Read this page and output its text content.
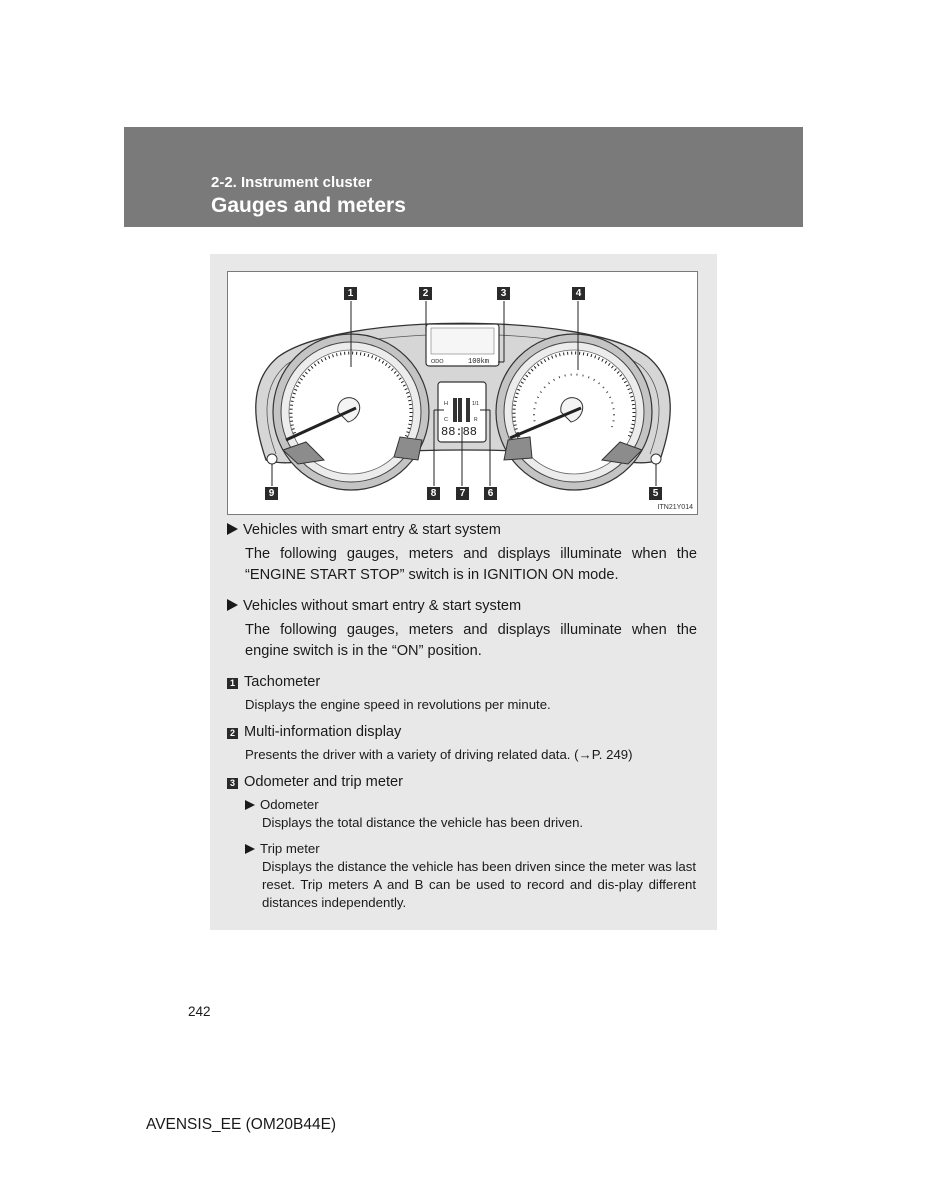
2-2. Instrument cluster
Gauges and meters
ODO	100km
H
C
1/1
R
88:88
1	2	3	4
9	8	7	6	5
ITN21Y014
Vehicles with smart entry & start system
The following gauges, meters and displays illuminate when the “ENGINE START STOP” switch is in IGNITION ON mode.
Vehicles without smart entry & start system
The following gauges, meters and displays illuminate when the engine switch is in the “ON” position.
1 Tachometer
Displays the engine speed in revolutions per minute.
2 Multi-information display
Presents the driver with a variety of driving related data. (→P. 249)
3 Odometer and trip meter
Odometer
Displays the total distance the vehicle has been driven.
Trip meter
Displays the distance the vehicle has been driven since the meter was last reset. Trip meters A and B can be used to record and dis-play different distances independently.
242
AVENSIS_EE (OM20B44E)
